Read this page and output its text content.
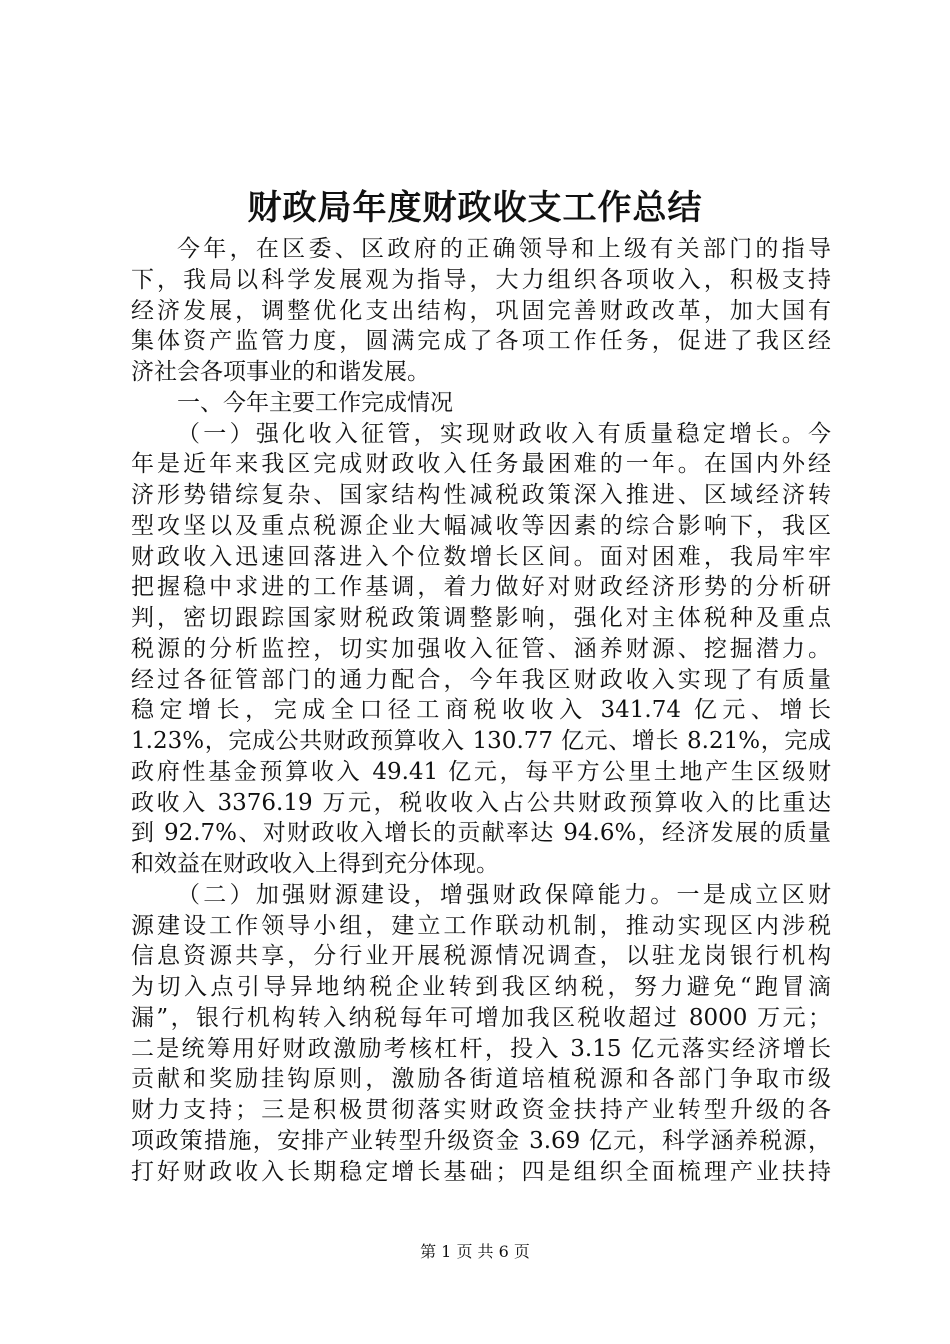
财政局年度财政收支工作总结
今年，在区委、区政府的正确领导和上级有关部门的指导
下，我局以科学发展观为指导，大力组织各项收入，积极支持
经济发展，调整优化支出结构，巩固完善财政改革，加大国有
集体资产监管力度，圆满完成了各项工作任务，促进了我区经
济社会各项事业的和谐发展。
一、今年主要工作完成情况
（一）强化收入征管，实现财政收入有质量稳定增长。今
年是近年来我区完成财政收入任务最困难的一年。在国内外经
济形势错综复杂、国家结构性减税政策深入推进、区域经济转
型攻坚以及重点税源企业大幅减收等因素的综合影响下，我区
财政收入迅速回落进入个位数增长区间。面对困难，我局牢牢
把握稳中求进的工作基调，着力做好对财政经济形势的分析研
判，密切跟踪国家财税政策调整影响，强化对主体税种及重点
税源的分析监控，切实加强收入征管、涵养财源、挖掘潜力。
经过各征管部门的通力配合，今年我区财政收入实现了有质量
稳定增长，完成全口径工商税收收入 341.74 亿元、增长
1.23%，完成公共财政预算收入 130.77 亿元、增长 8.21%，完成
政府性基金预算收入 49.41 亿元，每平方公里土地产生区级财
政收入 3376.19 万元，税收收入占公共财政预算收入的比重达
到 92.7%、对财政收入增长的贡献率达 94.6%，经济发展的质量
和效益在财政收入上得到充分体现。
（二）加强财源建设，增强财政保障能力。一是成立区财
源建设工作领导小组，建立工作联动机制，推动实现区内涉税
信息资源共享，分行业开展税源情况调查，以驻龙岗银行机构
为切入点引导异地纳税企业转到我区纳税，努力避免“跑冒滴
漏”，银行机构转入纳税每年可增加我区税收超过 8000 万元；
二是统筹用好财政激励考核杠杆，投入 3.15 亿元落实经济增长
贡献和奖励挂钩原则，激励各街道培植税源和各部门争取市级
财力支持；三是积极贯彻落实财政资金扶持产业转型升级的各
项政策措施，安排产业转型升级资金 3.69 亿元，科学涵养税源，
打好财政收入长期稳定增长基础；四是组织全面梳理产业扶持
第 1 页 共 6 页
